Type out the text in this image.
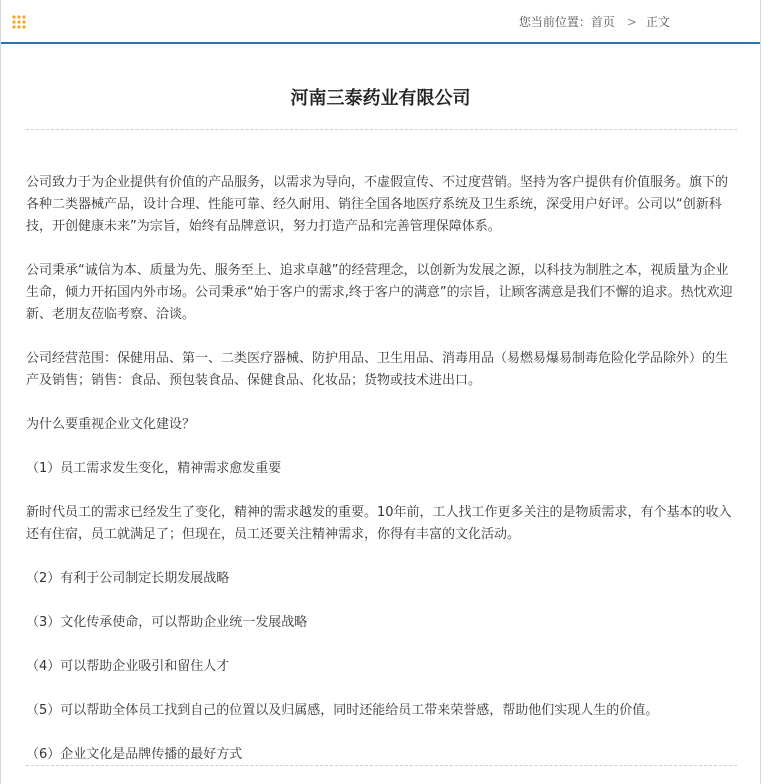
您当前位置：首页 > 正文
河南三泰药业有限公司

公司致力于为企业提供有价值的产品服务，以需求为导向，不虚假宣传、不过度营销。坚持为客户提供有价值服务。旗下的各种二类器械产品，设计合理、性能可靠、经久耐用、销往全国各地医疗系统及卫生系统，深受用户好评。公司以“创新科技，开创健康未来”为宗旨，始终有品牌意识，努力打造产品和完善管理保障体系。

公司秉承“诚信为本、质量为先、服务至上、追求卓越”的经营理念，以创新为发展之源，以科技为制胜之本，视质量为企业生命，倾力开拓国内外市场。公司秉承“始于客户的需求,终于客户的满意”的宗旨，让顾客满意是我们不懈的追求。热忱欢迎新、老朋友莅临考察、洽谈。

公司经营范围：保健用品、第一、二类医疗器械、防护用品、卫生用品、消毒用品（易燃易爆易制毒危险化学品除外）的生产及销售；销售：食品、预包装食品、保健食品、化妆品；货物或技术进出口。

为什么要重视企业文化建设？

（1）员工需求发生变化，精神需求愈发重要

新时代员工的需求已经发生了变化，精神的需求越发的重要。10年前，工人找工作更多关注的是物质需求，有个基本的收入还有住宿，员工就满足了；但现在，员工还要关注精神需求，你得有丰富的文化活动。

（2）有利于公司制定长期发展战略

（3）文化传承使命，可以帮助企业统一发展战略

（4）可以帮助企业吸引和留住人才

（5）可以帮助全体员工找到自己的位置以及归属感，同时还能给员工带来荣誉感，帮助他们实现人生的价值。

（6）企业文化是品牌传播的最好方式
